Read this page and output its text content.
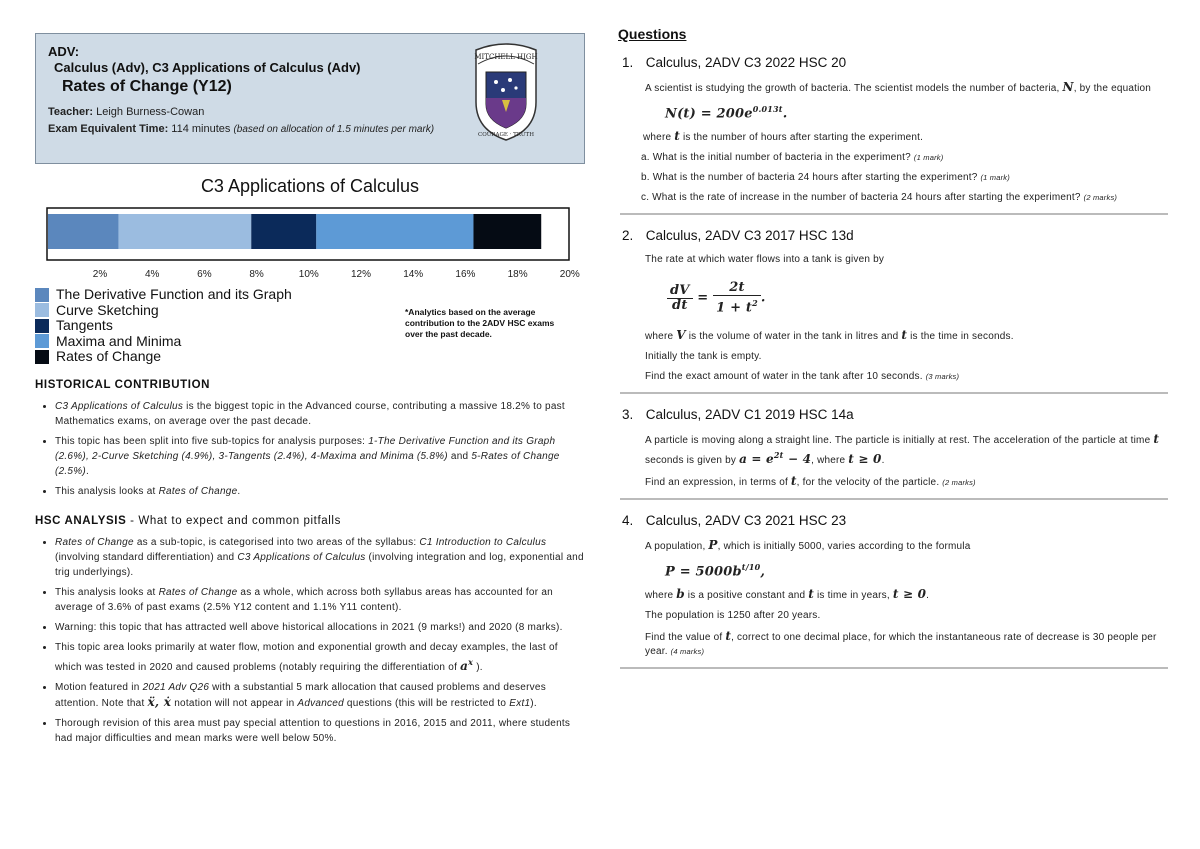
ADV:
Calculus (Adv), C3 Applications of Calculus (Adv)
Rates of Change (Y12)
Teacher: Leigh Burness-Cowan
Exam Equivalent Time: 114 minutes (based on allocation of 1.5 minutes per mark)
MITCHELL HIGH
COURAGE · TRUTH
C3 Applications of Calculus
2%	4%	6%	8%	10%	12%	14%	16%	18%	20%
The Derivative Function and its Graph
Curve Sketching
Tangents
Maxima and Minima
Rates of Change
*Analytics based on the average contribution to the 2ADV HSC exams over the past decade.
HISTORICAL CONTRIBUTION
• C3 Applications of Calculus is the biggest topic in the Advanced course, contributing a massive 18.2% to past Mathematics exams, on average over the past decade.
• This topic has been split into five sub-topics for analysis purposes: 1-The Derivative Function and its Graph (2.6%), 2-Curve Sketching (4.9%), 3-Tangents (2.4%), 4-Maxima and Minima (5.8%) and 5-Rates of Change (2.5%).
• This analysis looks at Rates of Change.
HSC ANALYSIS - What to expect and common pitfalls
• Rates of Change as a sub-topic, is categorised into two areas of the syllabus: C1 Introduction to Calculus (involving standard differentiation) and C3 Applications of Calculus (involving integration and log, exponential and trig underlyings).
• This analysis looks at Rates of Change as a whole, which across both syllabus areas has accounted for an average of 3.6% of past exams (2.5% Y12 content and 1.1% Y11 content).
• Warning: this topic that has attracted well above historical allocations in 2021 (9 marks!) and 2020 (8 marks).
• This topic area looks primarily at water flow, motion and exponential growth and decay examples, the last of which was tested in 2020 and caused problems (notably requiring the differentiation of $a^x$ ).
• Motion featured in 2021 Adv Q26 with a substantial 5 mark allocation that caused problems and deserves attention. Note that ẍ, ẋ notation will not appear in Advanced questions (this will be restricted to Ext1).
• Thorough revision of this area must pay special attention to questions in 2016, 2015 and 2011, where students had major difficulties and mean marks were well below 50%.
Questions
1. Calculus, 2ADV C3 2022 HSC 20

A scientist is studying the growth of bacteria. The scientist models the number of bacteria, N, by the equation

$N(t) = 200e^{0.013t}$.

where t is the number of hours after starting the experiment.

a. What is the initial number of bacteria in the experiment? (1 mark)
b. What is the number of bacteria 24 hours after starting the experiment? (1 mark)
c. What is the rate of increase in the number of bacteria 24 hours after starting the experiment? (2 marks)
2. Calculus, 2ADV C3 2017 HSC 13d

The rate at which water flows into a tank is given by

$\frac{dV}{dt} = \frac{2t}{1 + t^2}$ .

where V is the volume of water in the tank in litres and t is the time in seconds.

Initially the tank is empty.

Find the exact amount of water in the tank after 10 seconds. (3 marks)

3. Calculus, 2ADV C1 2019 HSC 14a

A particle is moving along a straight line. The particle is initially at rest. The acceleration of the particle at time t seconds is given by $a = e^{2t} - 4$, where t ≥ 0.

Find an expression, in terms of t, for the velocity of the particle. (2 marks)

4. Calculus, 2ADV C3 2021 HSC 23

A population, P, which is initially 5000, varies according to the formula

$P = 5000b^{t/10}$,

where b is a positive constant and t is time in years, t ≥ 0.

The population is 1250 after 20 years.

Find the value of t, correct to one decimal place, for which the instantaneous rate of decrease is 30 people per year. (4 marks)
